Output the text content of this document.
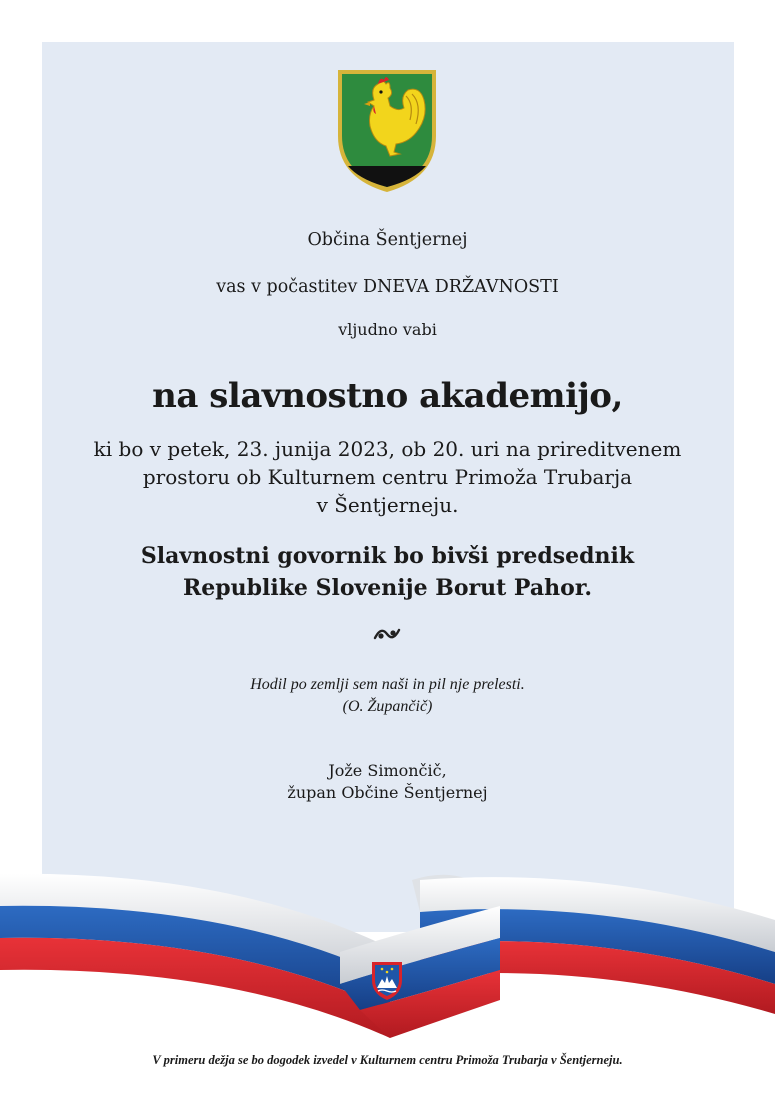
Občina Šentjernej
vas v počastitev DNEVA DRŽAVNOSTI
vljudno vabi
na slavnostno akademijo,
ki bo v petek, 23. junija 2023, ob 20. uri na prireditvenem
prostoru ob Kulturnem centru Primoža Trubarja
v Šentjerneju.
Slavnostni govornik bo bivši predsednik
Republike Slovenije Borut Pahor.
Hodil po zemlji sem naši in pil nje prelesti.
(O. Župančič)
Jože Simončič,
župan Občine Šentjernej
V primeru dežja se bo dogodek izvedel v Kulturnem centru Primoža Trubarja v Šentjerneju.
